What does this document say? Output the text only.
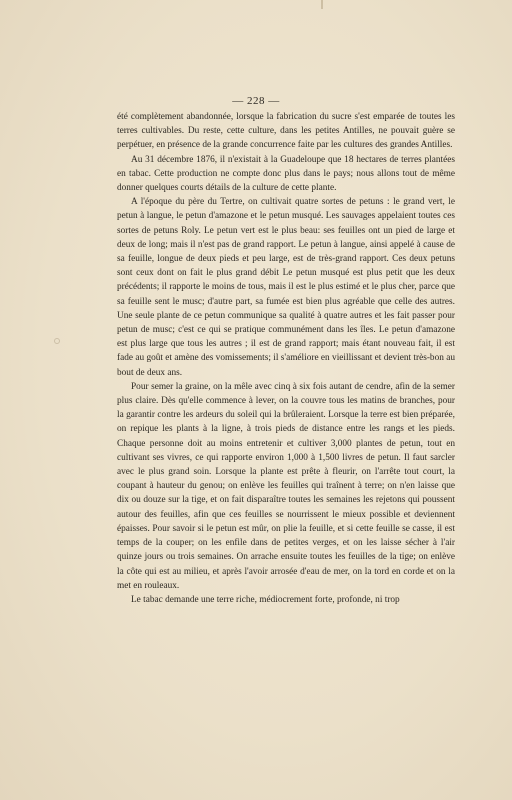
— 228 —

été complètement abandonnée, lorsque la fabrication du sucre s'est emparée de toutes les terres cultivables. Du reste, cette culture, dans les petites Antilles, ne pouvait guère se perpétuer, en présence de la grande concurrence faite par les cultures des grandes Antilles.

Au 31 décembre 1876, il n'existait à la Guadeloupe que 18 hectares de terres plantées en tabac. Cette production ne compte donc plus dans le pays; nous allons tout de même donner quelques courts détails de la culture de cette plante.

A l'époque du père du Tertre, on cultivait quatre sortes de petuns : le grand vert, le petun à langue, le petun d'amazone et le petun musqué. Les sauvages appelaient toutes ces sortes de petuns Roly. Le petun vert est le plus beau: ses feuilles ont un pied de large et deux de long; mais il n'est pas de grand rapport. Le petun à langue, ainsi appelé à cause de sa feuille, longue de deux pieds et peu large, est de très-grand rapport. Ces deux petuns sont ceux dont on fait le plus grand débit Le petun musqué est plus petit que les deux précédents; il rapporte le moins de tous, mais il est le plus estimé et le plus cher, parce que sa feuille sent le musc; d'autre part, sa fumée est bien plus agréable que celle des autres. Une seule plante de ce petun communique sa qualité à quatre autres et les fait passer pour petun de musc; c'est ce qui se pratique communément dans les îles. Le petun d'amazone est plus large que tous les autres ; il est de grand rapport; mais étant nouveau fait, il est fade au goût et amène des vomissements; il s'améliore en vieillissant et devient très-bon au bout de deux ans.

Pour semer la graine, on la mêle avec cinq à six fois autant de cendre, afin de la semer plus claire. Dès qu'elle commence à lever, on la couvre tous les matins de branches, pour la garantir contre les ardeurs du soleil qui la brûleraient. Lorsque la terre est bien préparée, on repique les plants à la ligne, à trois pieds de distance entre les rangs et les pieds. Chaque personne doit au moins entretenir et cultiver 3,000 plantes de petun, tout en cultivant ses vivres, ce qui rapporte environ 1,000 à 1,500 livres de petun. Il faut sarcler avec le plus grand soin. Lorsque la plante est prête à fleurir, on l'arrête tout court, la coupant à hauteur du genou; on enlève les feuilles qui traînent à terre; on n'en laisse que dix ou douze sur la tige, et on fait disparaître toutes les semaines les rejetons qui poussent autour des feuilles, afin que ces feuilles se nourrissent le mieux possible et deviennent épaisses. Pour savoir si le petun est mûr, on plie la feuille, et si cette feuille se casse, il est temps de la couper; on les enfile dans de petites verges, et on les laisse sécher à l'air quinze jours ou trois semaines. On arrache ensuite toutes les feuilles de la tige; on enlève la côte qui est au milieu, et après l'avoir arrosée d'eau de mer, on la tord en corde et on la met en rouleaux.

Le tabac demande une terre riche, médiocrement forte, profonde, ni trop
